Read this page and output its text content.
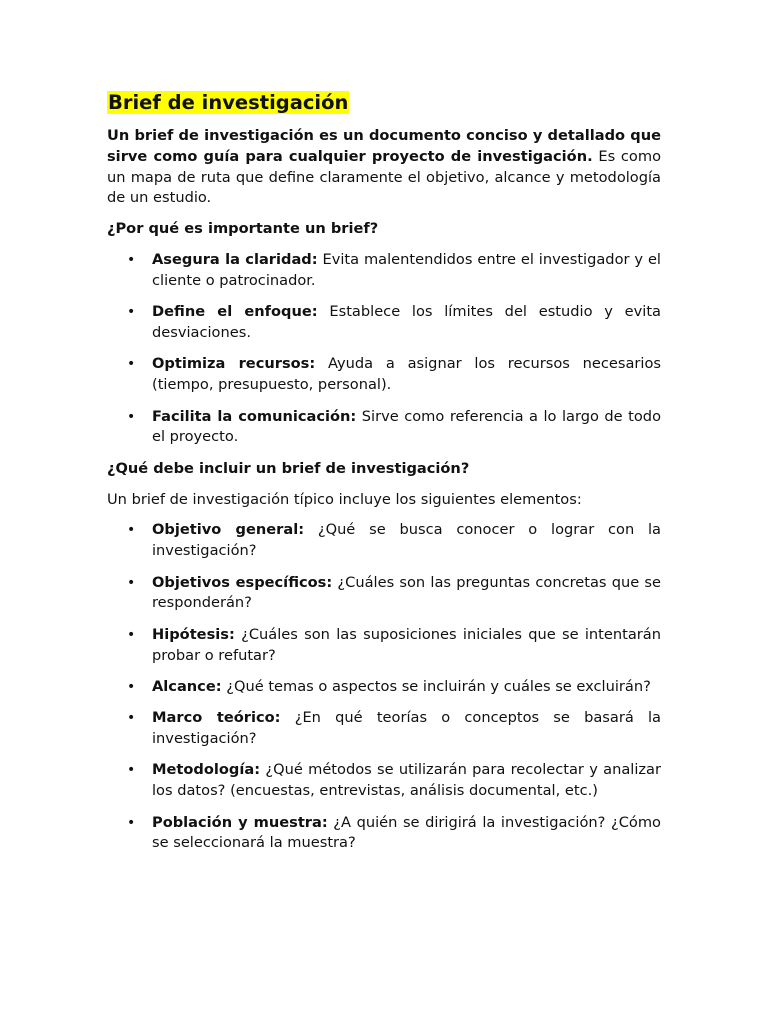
Brief de investigación

Un brief de investigación es un documento conciso y detallado que sirve como guía para cualquier proyecto de investigación. Es como un mapa de ruta que define claramente el objetivo, alcance y metodología de un estudio.

¿Por qué es importante un brief?

• Asegura la claridad: Evita malentendidos entre el investigador y el cliente o patrocinador.
• Define el enfoque: Establece los límites del estudio y evita desviaciones.
• Optimiza recursos: Ayuda a asignar los recursos necesarios (tiempo, presupuesto, personal).
• Facilita la comunicación: Sirve como referencia a lo largo de todo el proyecto.

¿Qué debe incluir un brief de investigación?

Un brief de investigación típico incluye los siguientes elementos:

• Objetivo general: ¿Qué se busca conocer o lograr con la investigación?
• Objetivos específicos: ¿Cuáles son las preguntas concretas que se responderán?
• Hipótesis: ¿Cuáles son las suposiciones iniciales que se intentarán probar o refutar?
• Alcance: ¿Qué temas o aspectos se incluirán y cuáles se excluirán?
• Marco teórico: ¿En qué teorías o conceptos se basará la investigación?
• Metodología: ¿Qué métodos se utilizarán para recolectar y analizar los datos? (encuestas, entrevistas, análisis documental, etc.)
• Población y muestra: ¿A quién se dirigirá la investigación? ¿Cómo se seleccionará la muestra?
